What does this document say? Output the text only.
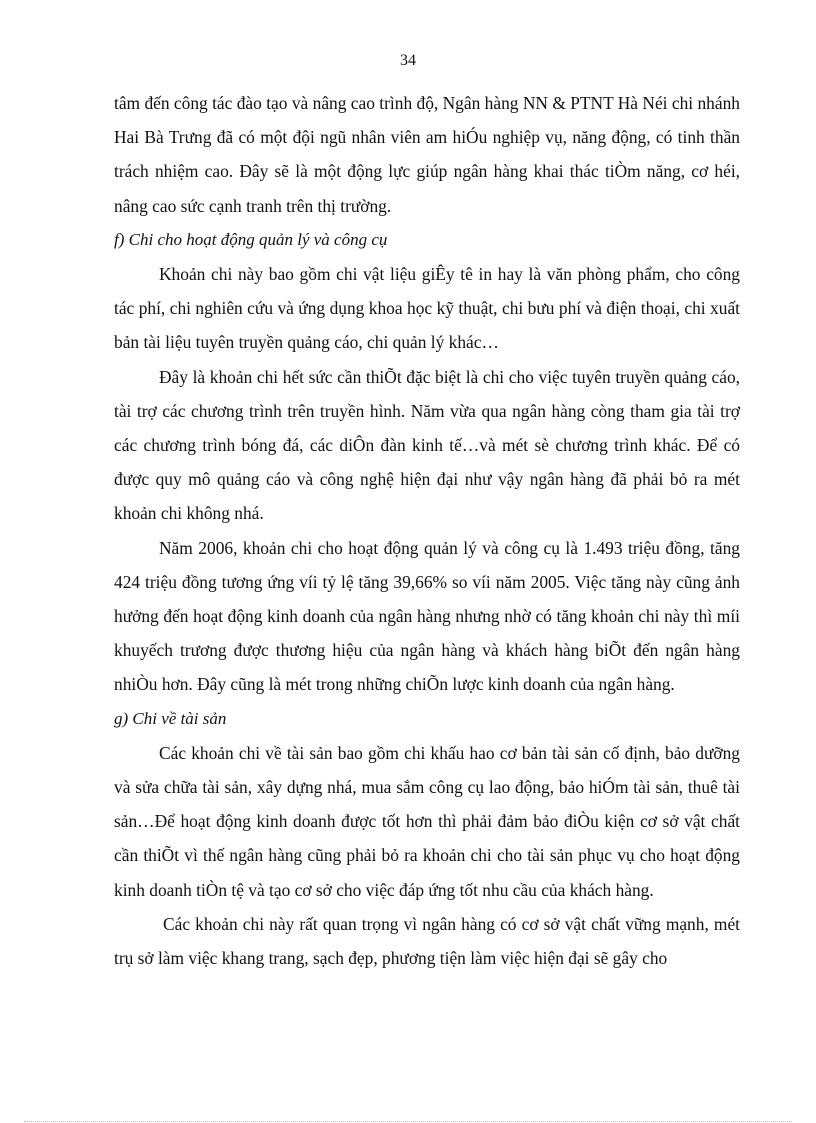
34

tâm đến công tác đào tạo và nâng cao trình độ, Ngân hàng NN & PTNT Hà Néi chi nhánh Hai Bà Trưng đã có một đội ngũ nhân viên am hiÓu nghiệp vụ, năng động, có tinh thần trách nhiệm cao. Đây sẽ là một động lực giúp ngân hàng khai thác tiÒm năng, cơ héi, nâng cao sức cạnh tranh trên thị trường.

f) Chi cho hoạt động quản lý và công cụ

Khoản chi này bao gồm chi vật liệu giÊy tê in hay là văn phòng phẩm, cho công tác phí, chi nghiên cứu và ứng dụng khoa học kỹ thuật, chi bưu phí và điện thoại, chi xuất bản tài liệu tuyên truyền quảng cáo, chi quản lý khác…

Đây là khoản chi hết sức cần thiÕt đặc biệt là chi cho việc tuyên truyền quảng cáo, tài trợ các chương trình trên truyền hình. Năm vừa qua ngân hàng còng tham gia tài trợ các chương trình bóng đá, các diÔn đàn kinh tế…và mét sè chương trình khác. Để có được quy mô quảng cáo và công nghệ hiện đại như vậy ngân hàng đã phải bỏ ra mét khoản chi không nhá.

Năm 2006, khoản chi cho hoạt động quản lý và công cụ là 1.493 triệu đồng, tăng 424 triệu đồng tương ứng víi tỷ lệ tăng 39,66% so víi năm 2005. Việc tăng này cũng ảnh hưởng đến hoạt động kinh doanh của ngân hàng nhưng nhờ có tăng khoản chi này thì míi khuyếch trương được thương hiệu của ngân hàng và khách hàng biÕt đến ngân hàng nhiÒu hơn. Đây cũng là mét trong những chiÕn lược kinh doanh của ngân hàng.

g) Chi về tài sản

Các khoản chi về tài sản bao gồm chi khấu hao cơ bản tài sản cố định, bảo dưỡng và sửa chữa tài sản, xây dựng nhá, mua sắm công cụ lao động, bảo hiÓm tài sản, thuê tài sản…Để hoạt động kinh doanh được tốt hơn thì phải đảm bảo điÒu kiện cơ sở vật chất cần thiÕt vì thế ngân hàng cũng phải bỏ ra khoản chi cho tài sản phục vụ cho hoạt động kinh doanh tiÒn tệ và tạo cơ sở cho việc đáp ứng tốt nhu cầu của khách hàng.

Các khoản chi này rất quan trọng vì ngân hàng có cơ sở vật chất vững mạnh, mét trụ sở làm việc khang trang, sạch đẹp, phương tiện làm việc hiện đại sẽ gây cho
